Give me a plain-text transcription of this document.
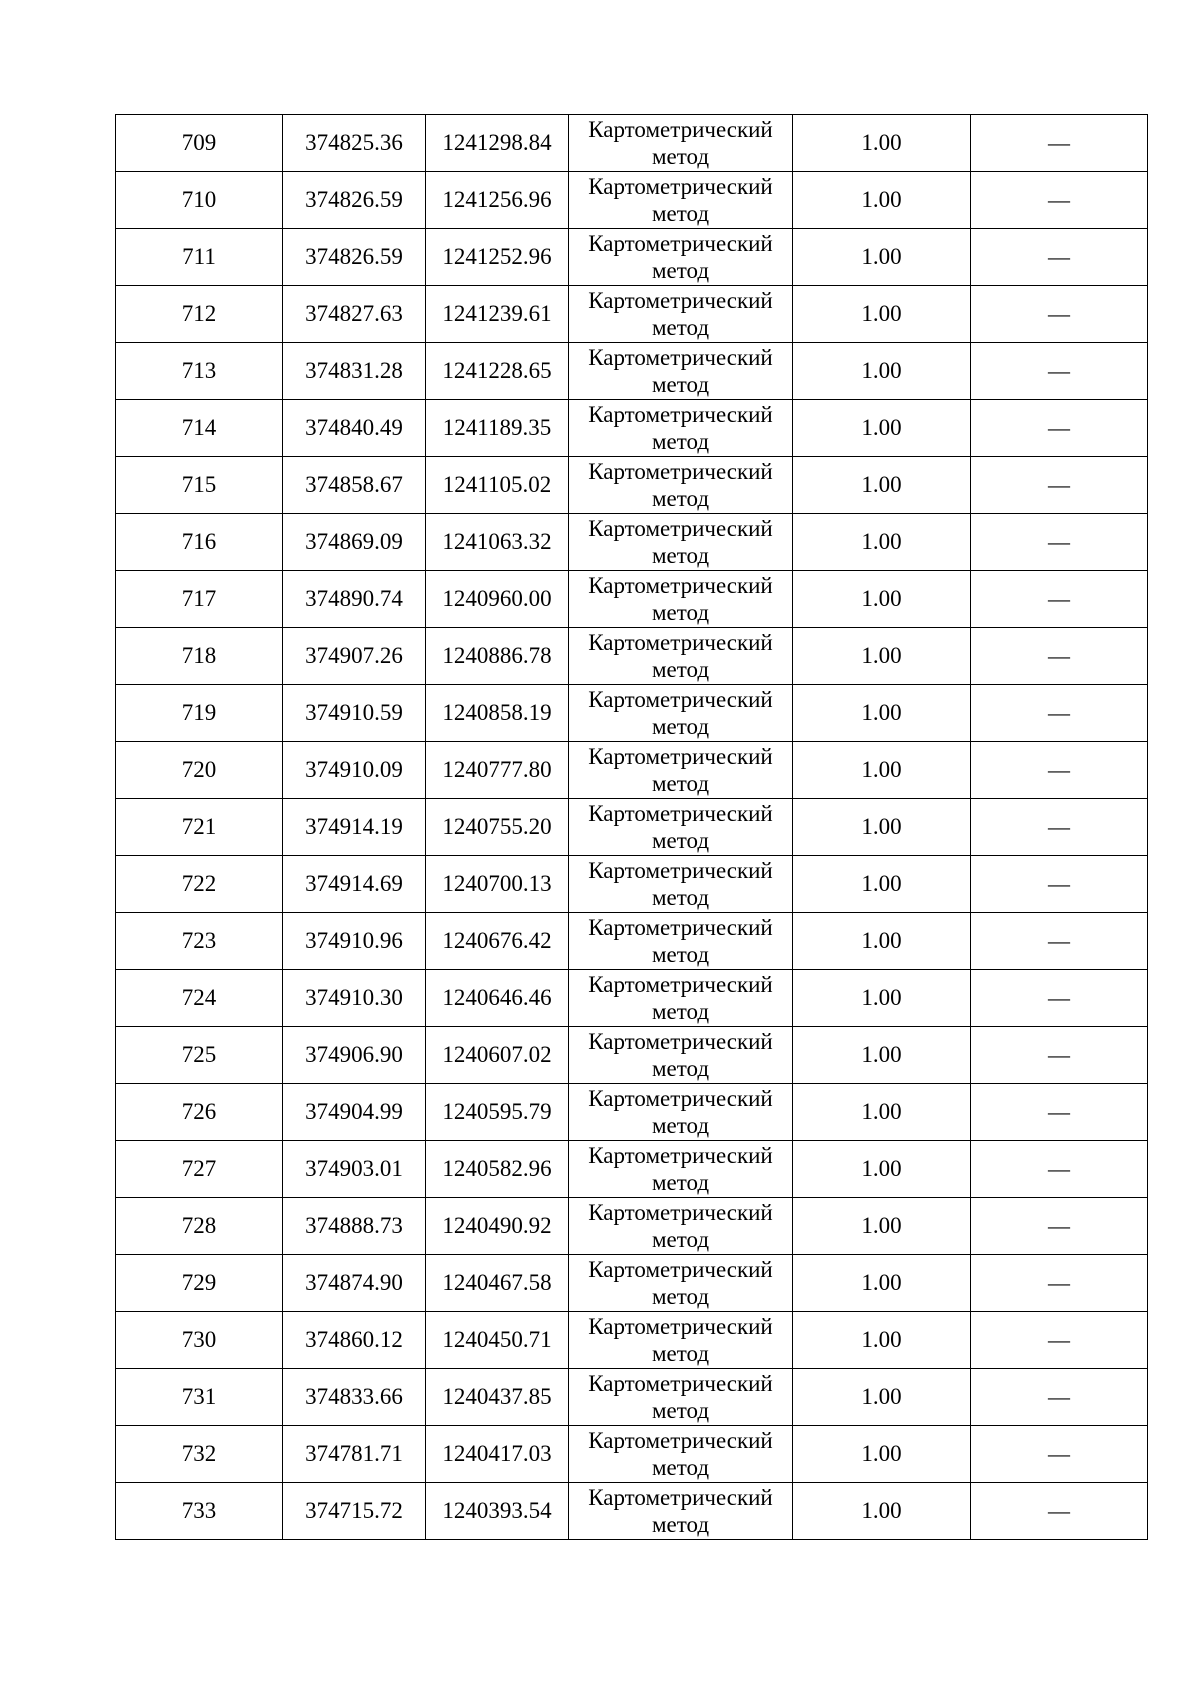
709	374825.36	1241298.84	Картометрический метод	1.00	—
710	374826.59	1241256.96	Картометрический метод	1.00	—
711	374826.59	1241252.96	Картометрический метод	1.00	—
712	374827.63	1241239.61	Картометрический метод	1.00	—
713	374831.28	1241228.65	Картометрический метод	1.00	—
714	374840.49	1241189.35	Картометрический метод	1.00	—
715	374858.67	1241105.02	Картометрический метод	1.00	—
716	374869.09	1241063.32	Картометрический метод	1.00	—
717	374890.74	1240960.00	Картометрический метод	1.00	—
718	374907.26	1240886.78	Картометрический метод	1.00	—
719	374910.59	1240858.19	Картометрический метод	1.00	—
720	374910.09	1240777.80	Картометрический метод	1.00	—
721	374914.19	1240755.20	Картометрический метод	1.00	—
722	374914.69	1240700.13	Картометрический метод	1.00	—
723	374910.96	1240676.42	Картометрический метод	1.00	—
724	374910.30	1240646.46	Картометрический метод	1.00	—
725	374906.90	1240607.02	Картометрический метод	1.00	—
726	374904.99	1240595.79	Картометрический метод	1.00	—
727	374903.01	1240582.96	Картометрический метод	1.00	—
728	374888.73	1240490.92	Картометрический метод	1.00	—
729	374874.90	1240467.58	Картометрический метод	1.00	—
730	374860.12	1240450.71	Картометрический метод	1.00	—
731	374833.66	1240437.85	Картометрический метод	1.00	—
732	374781.71	1240417.03	Картометрический метод	1.00	—
733	374715.72	1240393.54	Картометрический метод	1.00	—
